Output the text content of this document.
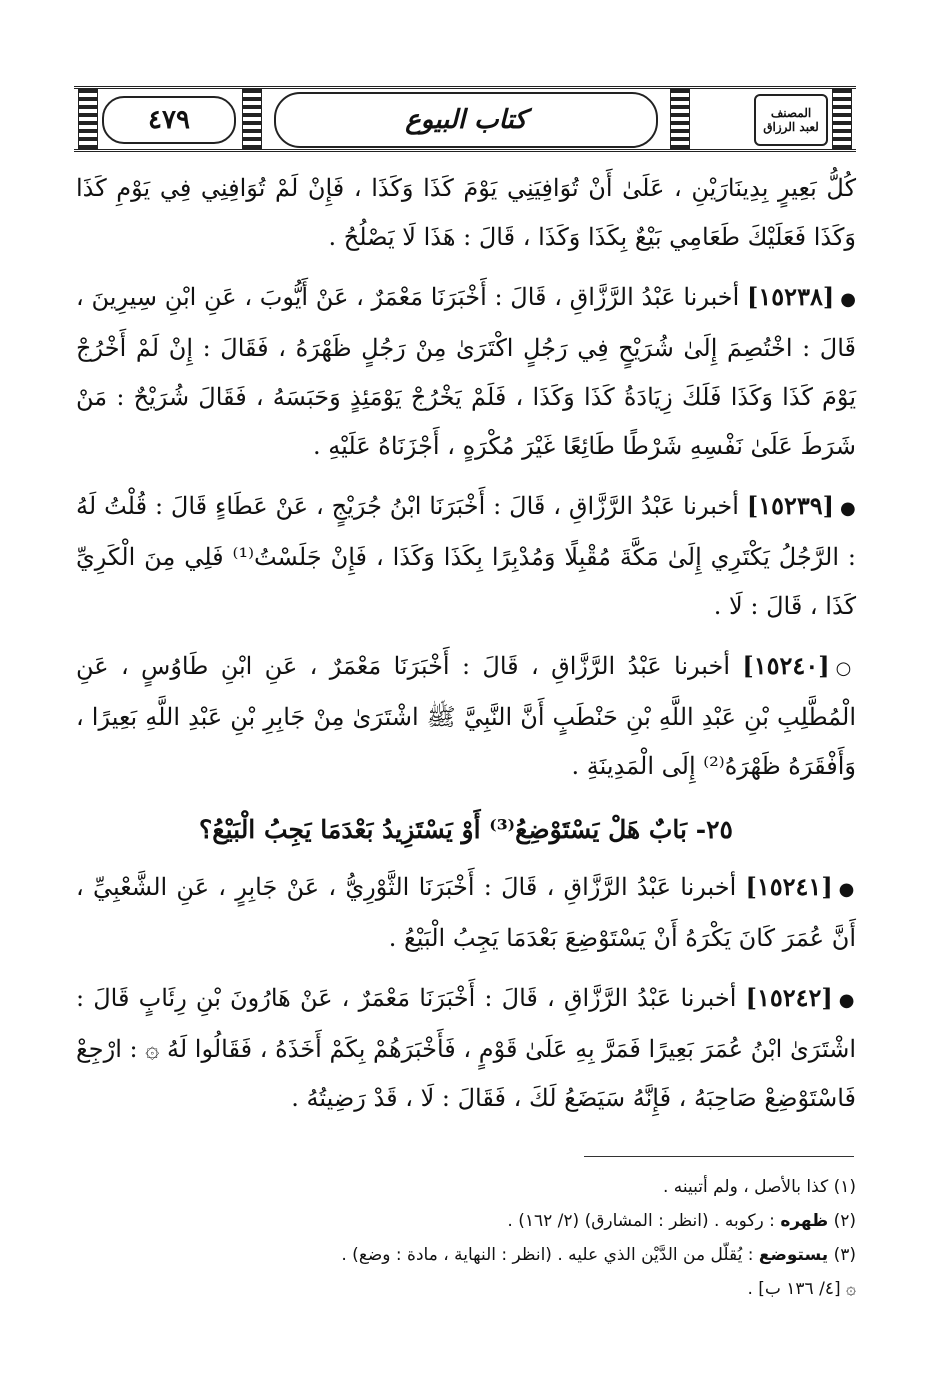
٤٧٩	كتاب البيوع	المصنف
لعبد الرزاق

كُلُّ بَعِيرٍ بِدِينَارَيْنِ ، عَلَىٰ أَنْ تُوَافِيَنِي يَوْمَ كَذَا وَكَذَا ، فَإِنْ لَمْ تُوَافِنِي فِي يَوْمِ كَذَا وَكَذَا فَعَلَيْكَ طَعَامِي بَيْعٌ بِكَذَا وَكَذَا ، قَالَ : هَذَا لَا يَصْلُحُ .

●[١٥٢٣٨] أخبرنا عَبْدُ الرَّزَّاقِ ، قَالَ : أَخْبَرَنَا مَعْمَرٌ ، عَنْ أَيُّوبَ ، عَنِ ابْنِ سِيرِينَ ، قَالَ : اخْتُصِمَ إِلَىٰ شُرَيْحٍ فِي رَجُلٍ اكْتَرَىٰ مِنْ رَجُلٍ ظَهْرَهُ ، فَقَالَ : إِنْ لَمْ أَخْرُجْ يَوْمَ كَذَا وَكَذَا فَلَكَ زِيَادَةُ كَذَا وَكَذَا ، فَلَمْ يَخْرُجْ يَوْمَئِذٍ وَحَبَسَهُ ، فَقَالَ شُرَيْحٌ : مَنْ شَرَطَ عَلَىٰ نَفْسِهِ شَرْطًا طَائِعًا غَيْرَ مُكْرَهٍ ، أَجْزَنَاهُ عَلَيْهِ .

●[١٥٢٣٩] أخبرنا عَبْدُ الرَّزَّاقِ ، قَالَ : أَخْبَرَنَا ابْنُ جُرَيْجٍ ، عَنْ عَطَاءٍ قَالَ : قُلْتُ لَهُ : الرَّجُلُ يَكْتَرِي إِلَىٰ مَكَّةَ مُقْبِلًا وَمُدْبِرًا بِكَذَا وَكَذَا ، فَإِنْ جَلَسْتُ⁽¹⁾ فَلِي مِنَ الْكَرِيِّ كَذَا ، قَالَ : لَا .

○[١٥٢٤٠] أخبرنا عَبْدُ الرَّزَّاقِ ، قَالَ : أَخْبَرَنَا مَعْمَرٌ ، عَنِ ابْنِ طَاوُسٍ ، عَنِ الْمُطَّلِبِ بْنِ عَبْدِ اللَّهِ بْنِ حَنْطَبٍ أَنَّ النَّبِيَّ ﷺ اشْتَرَىٰ مِنْ جَابِرِ بْنِ عَبْدِ اللَّهِ بَعِيرًا ، وَأَفْقَرَهُ ظَهْرَهُ⁽²⁾ إِلَى الْمَدِينَةِ .

٢٥- بَابٌ هَلْ يَسْتَوْضِعُ⁽³⁾ أَوْ يَسْتَزِيدُ بَعْدَمَا يَجِبُ الْبَيْعُ؟

●[١٥٢٤١] أخبرنا عَبْدُ الرَّزَّاقِ ، قَالَ : أَخْبَرَنَا الثَّوْرِيُّ ، عَنْ جَابِرٍ ، عَنِ الشَّعْبِيِّ ، أَنَّ عُمَرَ كَانَ يَكْرَهُ أَنْ يَسْتَوْضِعَ بَعْدَمَا يَجِبُ الْبَيْعُ .

●[١٥٢٤٢] أخبرنا عَبْدُ الرَّزَّاقِ ، قَالَ : أَخْبَرَنَا مَعْمَرٌ ، عَنْ هَارُونَ بْنِ رِئَابٍ قَالَ : اشْتَرَىٰ ابْنُ عُمَرَ بَعِيرًا فَمَرَّ بِهِ عَلَىٰ قَوْمٍ ، فَأَخْبَرَهُمْ بِكَمْ أَخَذَهُ ، فَقَالُوا لَهُ ۞ : ارْجِعْ فَاسْتَوْضِعْ صَاحِبَهُ ، فَإِنَّهُ سَيَضَعُ لَكَ ، فَقَالَ : لَا ، قَدْ رَضِيتُهُ .

(١) كذا بالأصل ، ولم أتبينه .
(٢) ظهره : ركوبه . (انظر : المشارق) (٢/ ١٦٢) .
(٣) يستوضع : يُقلّل من الدَّيْن الذي عليه . (انظر : النهاية ، مادة : وضع) .
۞ [٤/ ١٣٦ ب] .
